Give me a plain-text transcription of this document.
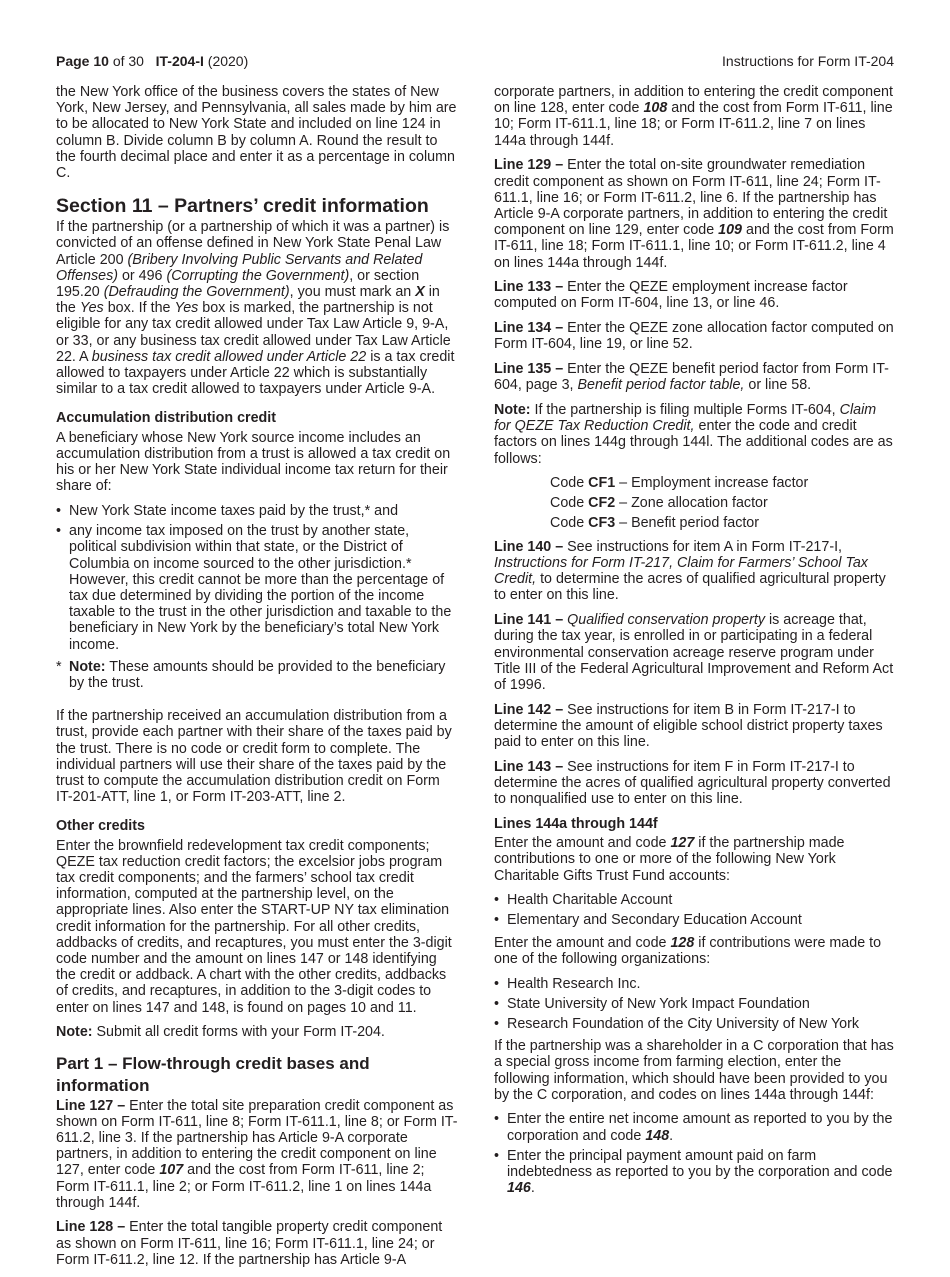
Page 10 of 30 IT-204-I (2020)	Instructions for Form IT-204

the New York office of the business covers the states of New York, New Jersey, and Pennsylvania, all sales made by him are to be allocated to New York State and included on line 124 in column B. Divide column B by column A. Round the result to the fourth decimal place and enter it as a percentage in column C.

Section 11 – Partners’ credit information

If the partnership (or a partnership of which it was a partner) is convicted of an offense defined in New York State Penal Law Article 200 (Bribery Involving Public Servants and Related Offenses) or 496 (Corrupting the Government), or section 195.20 (Defrauding the Government), you must mark an X in the Yes box. If the Yes box is marked, the partnership is not eligible for any tax credit allowed under Tax Law Article 9, 9-A, or 33, or any business tax credit allowed under Tax Law Article 22. A business tax credit allowed under Article 22 is a tax credit allowed to taxpayers under Article 22 which is substantially similar to a tax credit allowed to taxpayers under Article 9-A.

Accumulation distribution credit

A beneficiary whose New York source income includes an accumulation distribution from a trust is allowed a tax credit on his or her New York State individual income tax return for their share of:

• New York State income taxes paid by the trust,* and
• any income tax imposed on the trust by another state, political subdivision within that state, or the District of Columbia on income sourced to the other jurisdiction.* However, this credit cannot be more than the percentage of tax due determined by dividing the portion of the income taxable to the trust in the other jurisdiction and taxable to the beneficiary in New York by the beneficiary’s total New York income.
* Note: These amounts should be provided to the beneficiary by the trust.

If the partnership received an accumulation distribution from a trust, provide each partner with their share of the taxes paid by the trust. There is no code or credit form to complete. The individual partners will use their share of the taxes paid by the trust to compute the accumulation distribution credit on Form IT-201-ATT, line 1, or Form IT-203-ATT, line 2.

Other credits

Enter the brownfield redevelopment tax credit components; QEZE tax reduction credit factors; the excelsior jobs program tax credit components; and the farmers’ school tax credit information, computed at the partnership level, on the appropriate lines. Also enter the START-UP NY tax elimination credit information for the partnership. For all other credits, addbacks of credits, and recaptures, you must enter the 3-digit code number and the amount on lines 147 or 148 identifying the credit or addback. A chart with the other credits, addbacks of credits, and recaptures, in addition to the 3-digit codes to enter on lines 147 and 148, is found on pages 10 and 11.

Note: Submit all credit forms with your Form IT-204.

Part 1 – Flow-through credit bases and information

Line 127 – Enter the total site preparation credit component as shown on Form IT-611, line 8; Form IT-611.1, line 8; or Form IT-611.2, line 3. If the partnership has Article 9-A corporate partners, in addition to entering the credit component on line 127, enter code 107 and the cost from Form IT-611, line 2; Form IT-611.1, line 2; or Form IT-611.2, line 1 on lines 144a through 144f.

Line 128 – Enter the total tangible property credit component as shown on Form IT-611, line 16; Form IT-611.1, line 24; or Form IT-611.2, line 12. If the partnership has Article 9-A

corporate partners, in addition to entering the credit component on line 128, enter code 108 and the cost from Form IT-611, line 10; Form IT-611.1, line 18; or Form IT-611.2, line 7 on lines 144a through 144f.

Line 129 – Enter the total on-site groundwater remediation credit component as shown on Form IT-611, line 24; Form IT-611.1, line 16; or Form IT-611.2, line 6. If the partnership has Article 9-A corporate partners, in addition to entering the credit component on line 129, enter code 109 and the cost from Form IT-611, line 18; Form IT-611.1, line 10; or Form IT-611.2, line 4 on lines 144a through 144f.

Line 133 – Enter the QEZE employment increase factor computed on Form IT-604, line 13, or line 46.

Line 134 – Enter the QEZE zone allocation factor computed on Form IT-604, line 19, or line 52.

Line 135 – Enter the QEZE benefit period factor from Form IT-604, page 3, Benefit period factor table, or line 58.

Note: If the partnership is filing multiple Forms IT-604, Claim for QEZE Tax Reduction Credit, enter the code and credit factors on lines 144g through 144l. The additional codes are as follows:

Code CF1 – Employment increase factor
Code CF2 – Zone allocation factor
Code CF3 – Benefit period factor

Line 140 – See instructions for item A in Form IT-217-I, Instructions for Form IT-217, Claim for Farmers’ School Tax Credit, to determine the acres of qualified agricultural property to enter on this line.

Line 141 – Qualified conservation property is acreage that, during the tax year, is enrolled in or participating in a federal environmental conservation acreage reserve program under Title III of the Federal Agricultural Improvement and Reform Act of 1996.

Line 142 – See instructions for item B in Form IT-217-I to determine the amount of eligible school district property taxes paid to enter on this line.

Line 143 – See instructions for item F in Form IT-217-I to determine the acres of qualified agricultural property converted to nonqualified use to enter on this line.

Lines 144a through 144f

Enter the amount and code 127 if the partnership made contributions to one or more of the following New York Charitable Gifts Trust Fund accounts:

• Health Charitable Account
• Elementary and Secondary Education Account

Enter the amount and code 128 if contributions were made to one of the following organizations:

• Health Research Inc.
• State University of New York Impact Foundation
• Research Foundation of the City University of New York

If the partnership was a shareholder in a C corporation that has a special gross income from farming election, enter the following information, which should have been provided to you by the C corporation, and codes on lines 144a through 144f:

• Enter the entire net income amount as reported to you by the corporation and code 148.
• Enter the principal payment amount paid on farm indebtedness as reported to you by the corporation and code 146.
